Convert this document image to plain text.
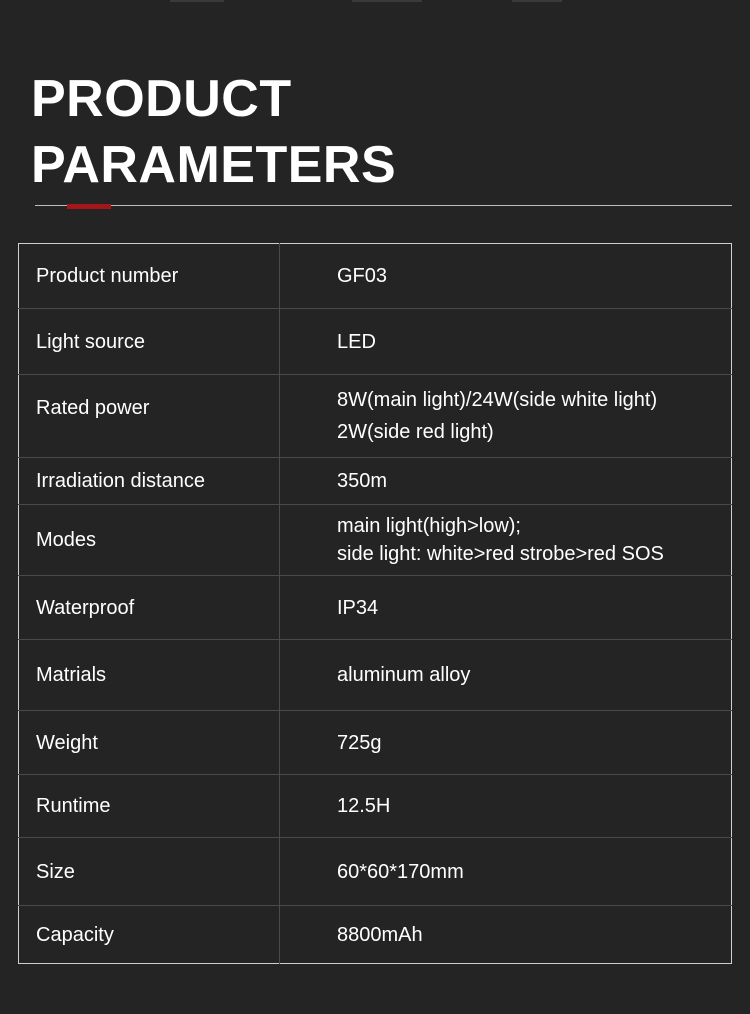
PRODUCT
PARAMETERS
Product number	GF03
Light source	LED
Rated power	8W(main light)/24W(side white light)
2W(side red light)

Irradiation distance	350m
Modes	main light(high>low);
side light: white>red strobe>red SOS

Waterproof	IP34
Matrials	aluminum alloy
Weight	725g
Runtime	12.5H
Size	60*60*170mm
Capacity	8800mAh
